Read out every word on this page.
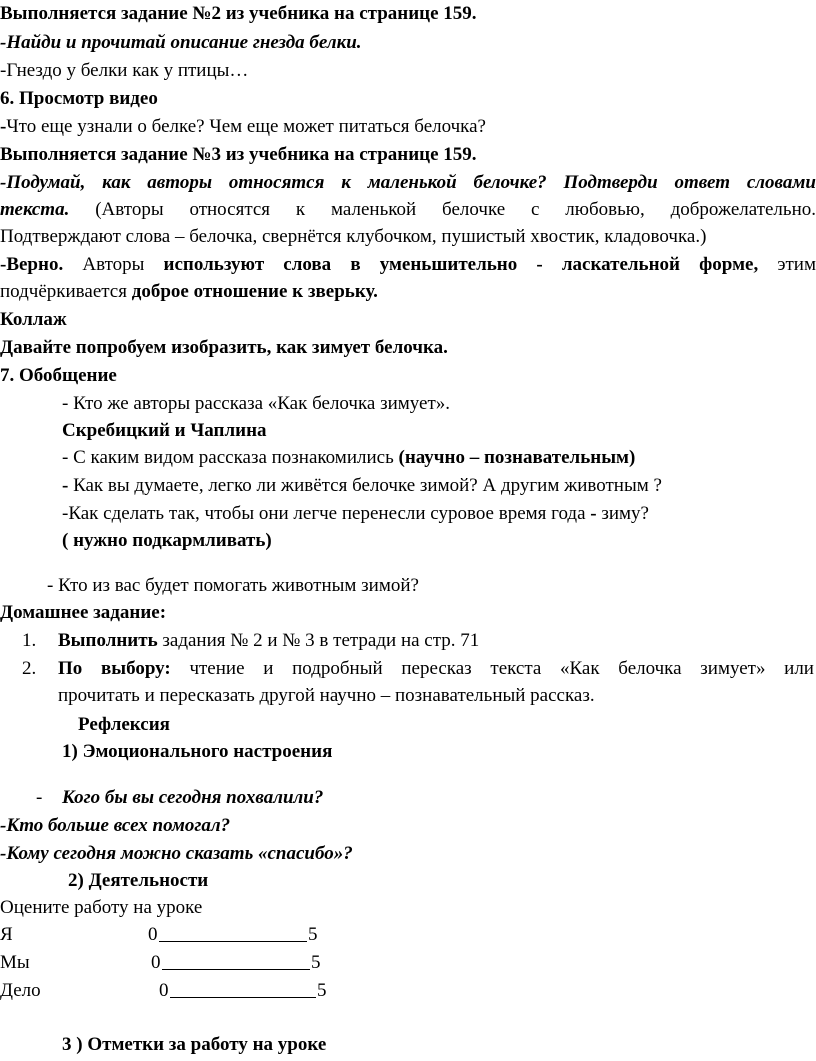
Выполняется задание №2 из учебника на странице 159.
-Найди и прочитай описание гнезда белки.
-Гнездо у белки как у птицы…
6. Просмотр видео
-Что еще узнали о белке? Чем еще может питаться белочка?
Выполняется задание №3 из учебника на странице 159.
-Подумай, как авторы относятся к маленькой белочке? Подтверди ответ словами
текста. (Авторы относятся к маленькой белочке с любовью, доброжелательно.
Подтверждают слова – белочка, свернётся клубочком, пушистый хвостик, кладовочка.)
-Верно. Авторы используют слова в уменьшительно - ласкательной форме, этим
подчёркивается доброе отношение к зверьку.
Коллаж
Давайте попробуем изобразить, как зимует белочка.
7. Обобщение
- Кто же авторы рассказа «Как белочка зимует».
Скребицкий и Чаплина
- С каким видом рассказа познакомились (научно – познавательным)
- Как вы думаете, легко ли живётся белочке зимой? А другим животным ?
-Как сделать так, чтобы они легче перенесли суровое время года - зиму?
( нужно подкармливать)
- Кто из вас будет помогать животным зимой?
Домашнее задание:
1. Выполнить задания № 2 и № 3 в тетради на стр. 71
2. По выбору: чтение и подробный пересказ текста «Как белочка зимует» или
прочитать и пересказать другой научно – познавательный рассказ.
Рефлексия
1) Эмоционального настроения
- Кого бы вы сегодня похвалили?
-Кто больше всех помогал?
-Кому сегодня можно сказать «спасибо»?
2) Деятельности
Оцените работу на уроке
Я	0	5
Мы	0	5
Дело	0	5
3 ) Отметки за работу на уроке
